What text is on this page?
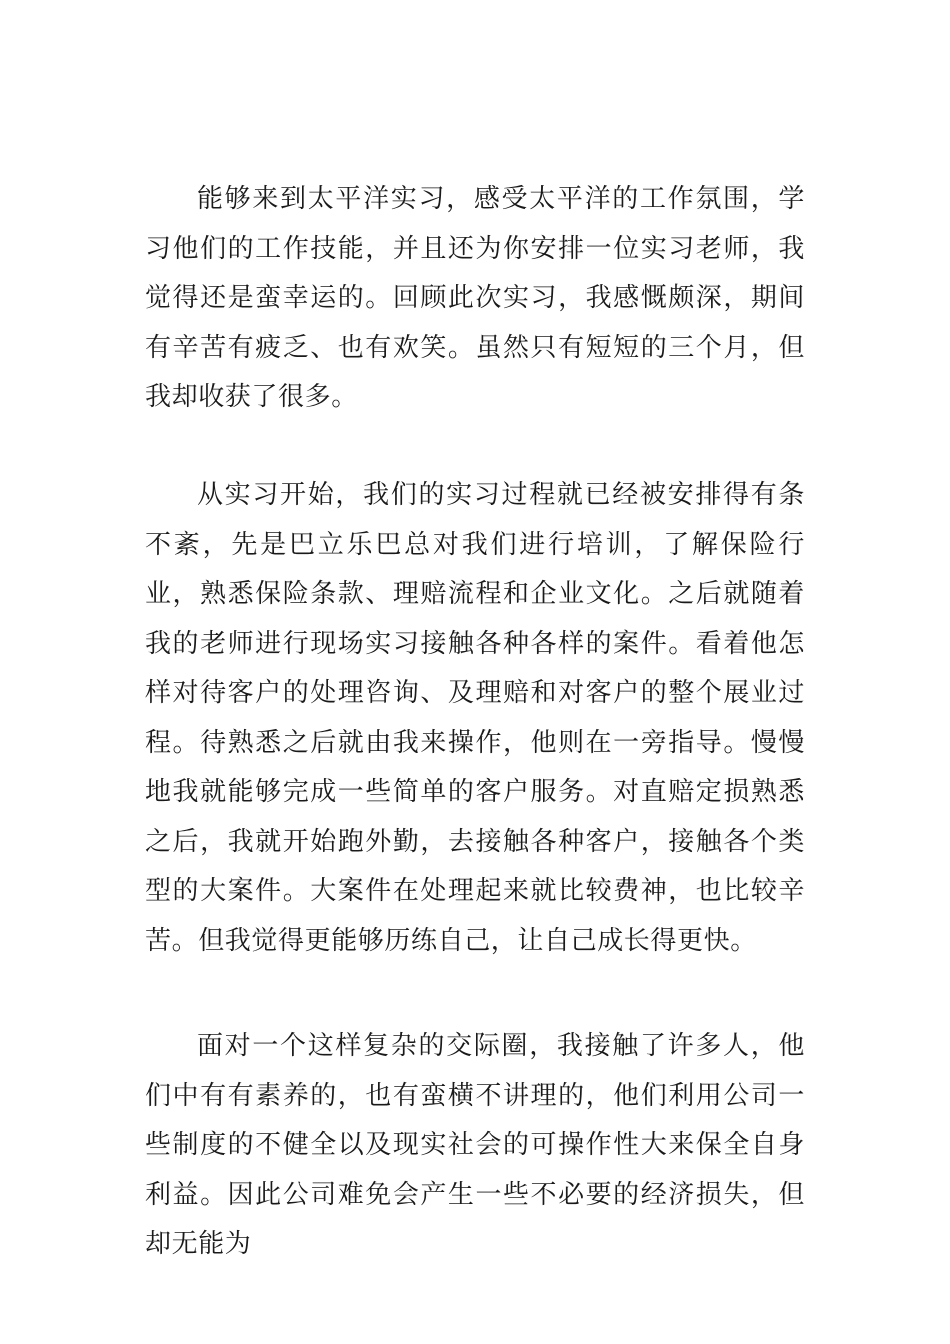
能够来到太平洋实习，感受太平洋的工作氛围，学习他们的工作技能，并且还为你安排一位实习老师，我觉得还是蛮幸运的。回顾此次实习，我感慨颇深，期间有辛苦有疲乏、也有欢笑。虽然只有短短的三个月，但我却收获了很多。

从实习开始，我们的实习过程就已经被安排得有条不紊，先是巴立乐巴总对我们进行培训，了解保险行业，熟悉保险条款、理赔流程和企业文化。之后就随着我的老师进行现场实习接触各种各样的案件。看着他怎样对待客户的处理咨询、及理赔和对客户的整个展业过程。待熟悉之后就由我来操作，他则在一旁指导。慢慢地我就能够完成一些简单的客户服务。对直赔定损熟悉之后，我就开始跑外勤，去接触各种客户，接触各个类型的大案件。大案件在处理起来就比较费神，也比较辛苦。但我觉得更能够历练自己，让自己成长得更快。

面对一个这样复杂的交际圈，我接触了许多人，他们中有有素养的，也有蛮横不讲理的，他们利用公司一些制度的不健全以及现实社会的可操作性大来保全自身利益。因此公司难免会产生一些不必要的经济损失，但却无能为
